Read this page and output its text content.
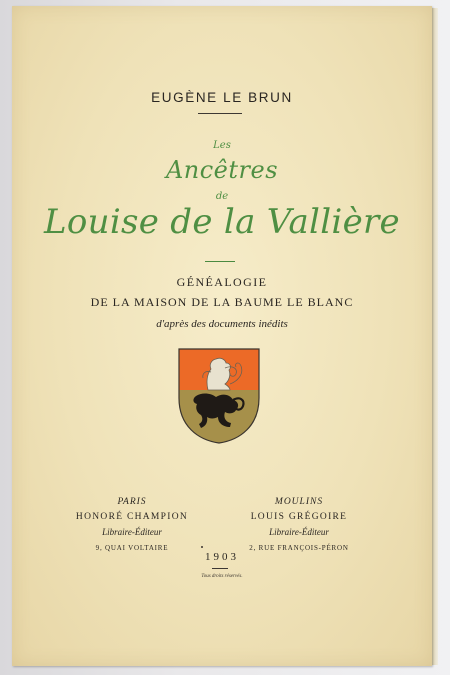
EUGÈNE LE BRUN

Les

Ancêtres

de

Louise de la Vallière

GÉNÉALOGIE

DE LA MAISON DE LA BAUME LE BLANC

d'après des documents inédits

PARIS
HONORÉ CHAMPION
Libraire-Éditeur
9, QUAI VOLTAIRE
MOULINS
LOUIS GRÉGOIRE
Libraire-Éditeur
2, RUE FRANÇOIS-PÉRON

1903

Tous droits réservés.
